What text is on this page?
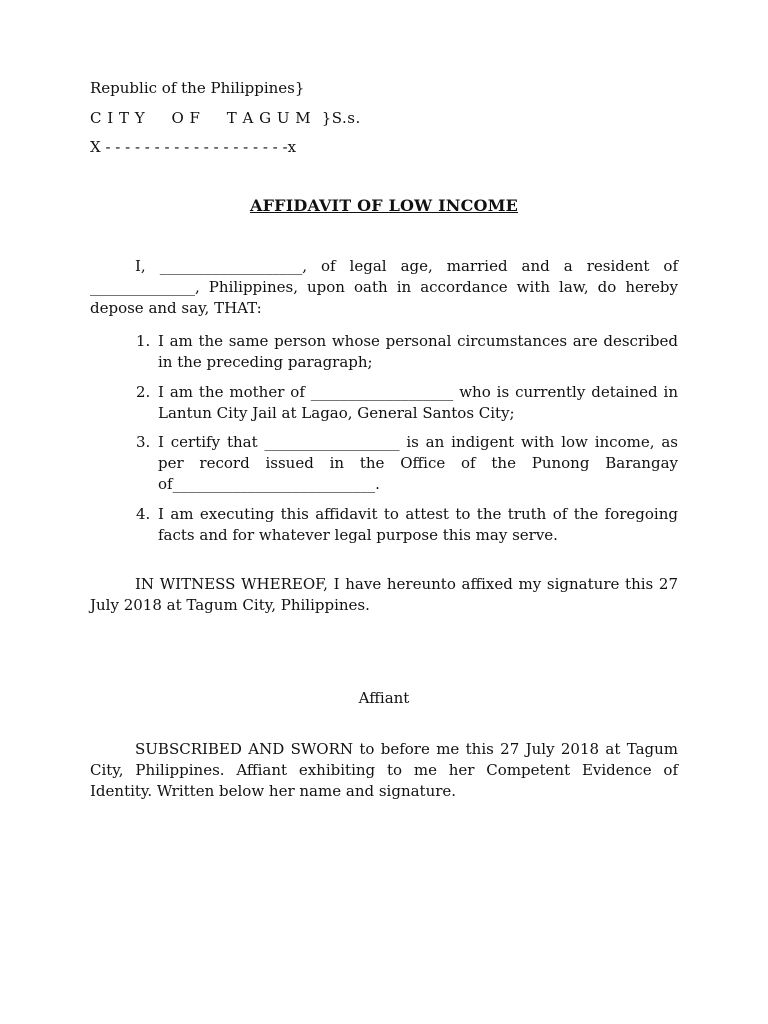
Republic of the Philippines}
C I T Y     O F     T A G U M  }S.s.
X - - - - - - - - - - - - - - - - - - -x
AFFIDAVIT OF LOW INCOME

I, ___________________, of legal age, married and a resident of ______________, Philippines, upon oath in accordance with law, do hereby depose and say, THAT:

1. I am the same person whose personal circumstances are described in the preceding paragraph;
2. I am the mother of ___________________ who is currently detained in Lantun City Jail at Lagao, General Santos City;
3. I certify that __________________ is an indigent with low income, as per record issued in the Office of the Punong Barangay of___________________________.
4. I am executing this affidavit to attest to the truth of the foregoing facts and for whatever legal purpose this may serve.

IN WITNESS WHEREOF, I have hereunto affixed my signature this 27 July 2018 at Tagum City, Philippines.

Affiant

SUBSCRIBED AND SWORN to before me this 27 July 2018 at Tagum City, Philippines. Affiant exhibiting to me her Competent Evidence of Identity. Written below her name and signature.
